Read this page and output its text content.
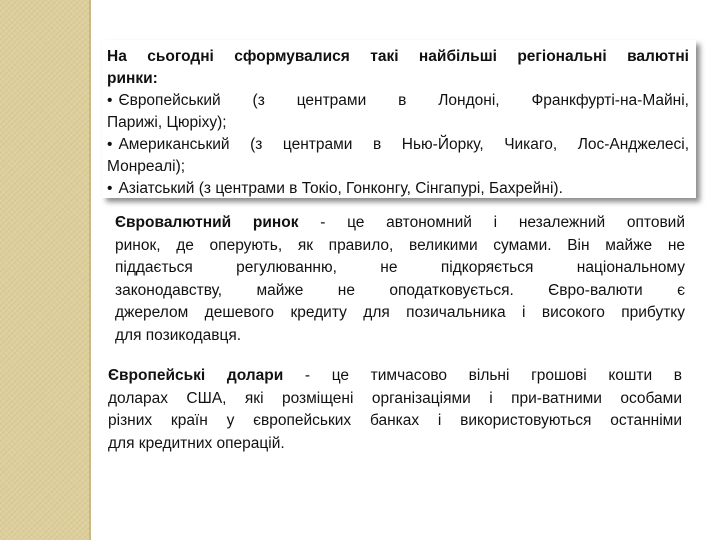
На сьогодні сформувалися такі найбільші регіональні валютні

ринки:

• Європейський (з центрами в Лондоні, Франкфурті-на-Майні,

Парижі, Цюріху);

• Американський (з центрами в Нью-Йорку, Чикаго, Лос-Анджелесі,

Монреалі);

• Азіатський (з центрами в Токіо, Гонконгу, Сінгапурі, Бахрейні).

Євровалютний ринок - це автономний і незалежний оптовий

ринок, де оперують, як правило, великими сумами. Він майже не

піддається регулюванню, не підкоряється національному

законодавству, майже не оподатковується. Євро-валюти є

джерелом дешевого кредиту для позичальника і високого прибутку

для позикодавця.

Європейські долари - це тимчасово вільні грошові кошти в

доларах США, які розміщені організаціями і при-ватними особами

різних країн у європейських банках і використовуються останніми

для кредитних операцій.
